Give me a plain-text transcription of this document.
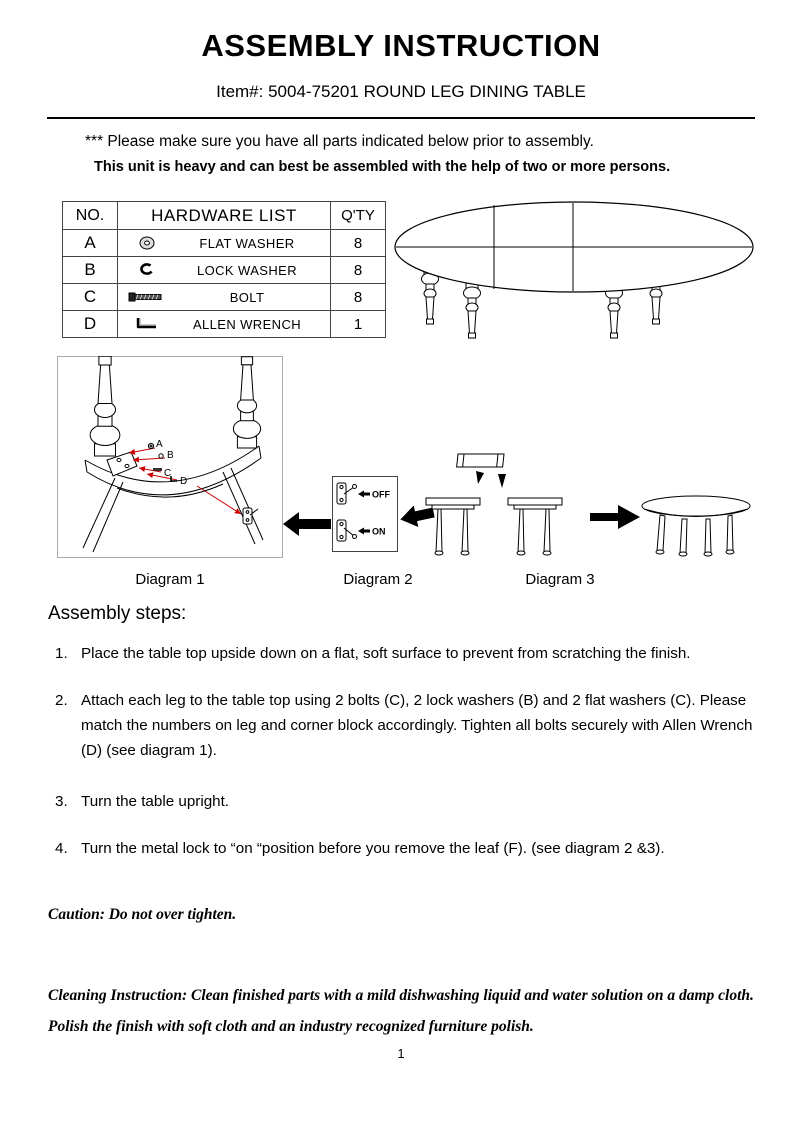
ASSEMBLY INSTRUCTION
Item#: 5004-75201 ROUND LEG DINING TABLE
*** Please make sure you have all parts indicated below prior to assembly.
This unit is heavy and can best be assembled with the help of two or more persons.
NO.	HARDWARE LIST	Q'TY
A	FLAT WASHER	8
B	LOCK WASHER	8
C	BOLT	8
D	ALLEN WRENCH	1
A
B
C
D
OFF
ON
Diagram 1	Diagram 2	Diagram 3
Assembly steps:
1. Place the table top upside down on a flat, soft surface to prevent from scratching the finish.
2. Attach each leg to the table top using 2 bolts (C), 2 lock washers (B) and 2 flat washers (C). Please match the numbers on leg and corner block accordingly. Tighten all bolts securely with Allen Wrench (D) (see diagram 1).
3. Turn the table upright.
4. Turn the metal lock to “on “position before you remove the leaf (F). (see diagram 2 &3).
Caution: Do not over tighten.
Cleaning Instruction: Clean finished parts with a mild dishwashing liquid and water solution on a damp cloth.    Polish the finish with soft cloth and an industry recognized furniture polish.
1
